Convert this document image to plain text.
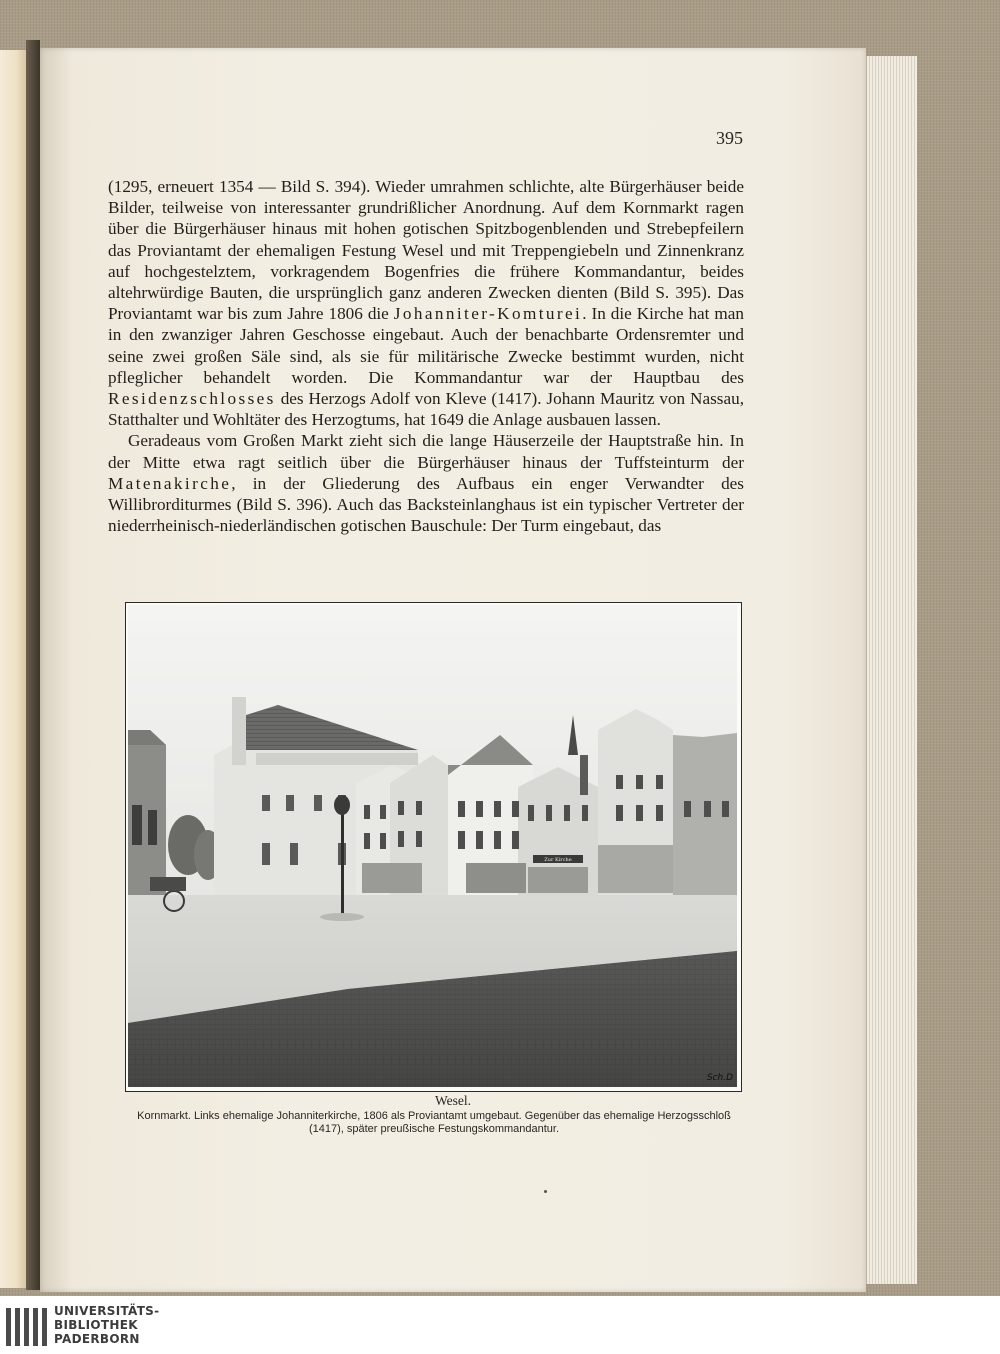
395

(1295, erneuert 1354 — Bild S. 394). Wieder umrahmen schlichte, alte Bürgerhäuser beide Bilder, teilweise von interessanter grundrißlicher Anordnung. Auf dem Kornmarkt ragen über die Bürgerhäuser hinaus mit hohen gotischen Spitzbogenblenden und Strebepfeilern das Proviantamt der ehemaligen Festung Wesel und mit Treppengiebeln und Zinnenkranz auf hochgestelztem, vorkragendem Bogenfries die frühere Kommandantur, beides altehrwürdige Bauten, die ursprünglich ganz anderen Zwecken dienten (Bild S. 395). Das Proviantamt war bis zum Jahre 1806 die Johanniter-Komturei. In die Kirche hat man in den zwanziger Jahren Geschosse eingebaut. Auch der benachbarte Ordensremter und seine zwei großen Säle sind, als sie für militärische Zwecke bestimmt wurden, nicht pfleglicher behandelt worden. Die Kommandantur war der Hauptbau des Residenzschlosses des Herzogs Adolf von Kleve (1417). Johann Mauritz von Nassau, Statthalter und Wohltäter des Herzogtums, hat 1649 die Anlage ausbauen lassen.

Geradeaus vom Großen Markt zieht sich die lange Häuserzeile der Hauptstraße hin. In der Mitte etwa ragt seitlich über die Bürgerhäuser hinaus der Tuffsteinturm der Matenakirche, in der Gliederung des Aufbaus ein enger Verwandter des Willibrorditurmes (Bild S. 396). Auch das Backsteinlanghaus ist ein typischer Vertreter der niederrheinisch-niederländischen gotischen Bauschule: Der Turm eingebaut, das

Zur Kirche
Sch.D
Wesel.
Kornmarkt. Links ehemalige Johanniterkirche, 1806 als Proviantamt umgebaut. Gegenüber das ehemalige Herzogsschloß (1417), später preußische Festungskommandantur.
UNIVERSITÄTS-
BIBLIOTHEK
PADERBORN
